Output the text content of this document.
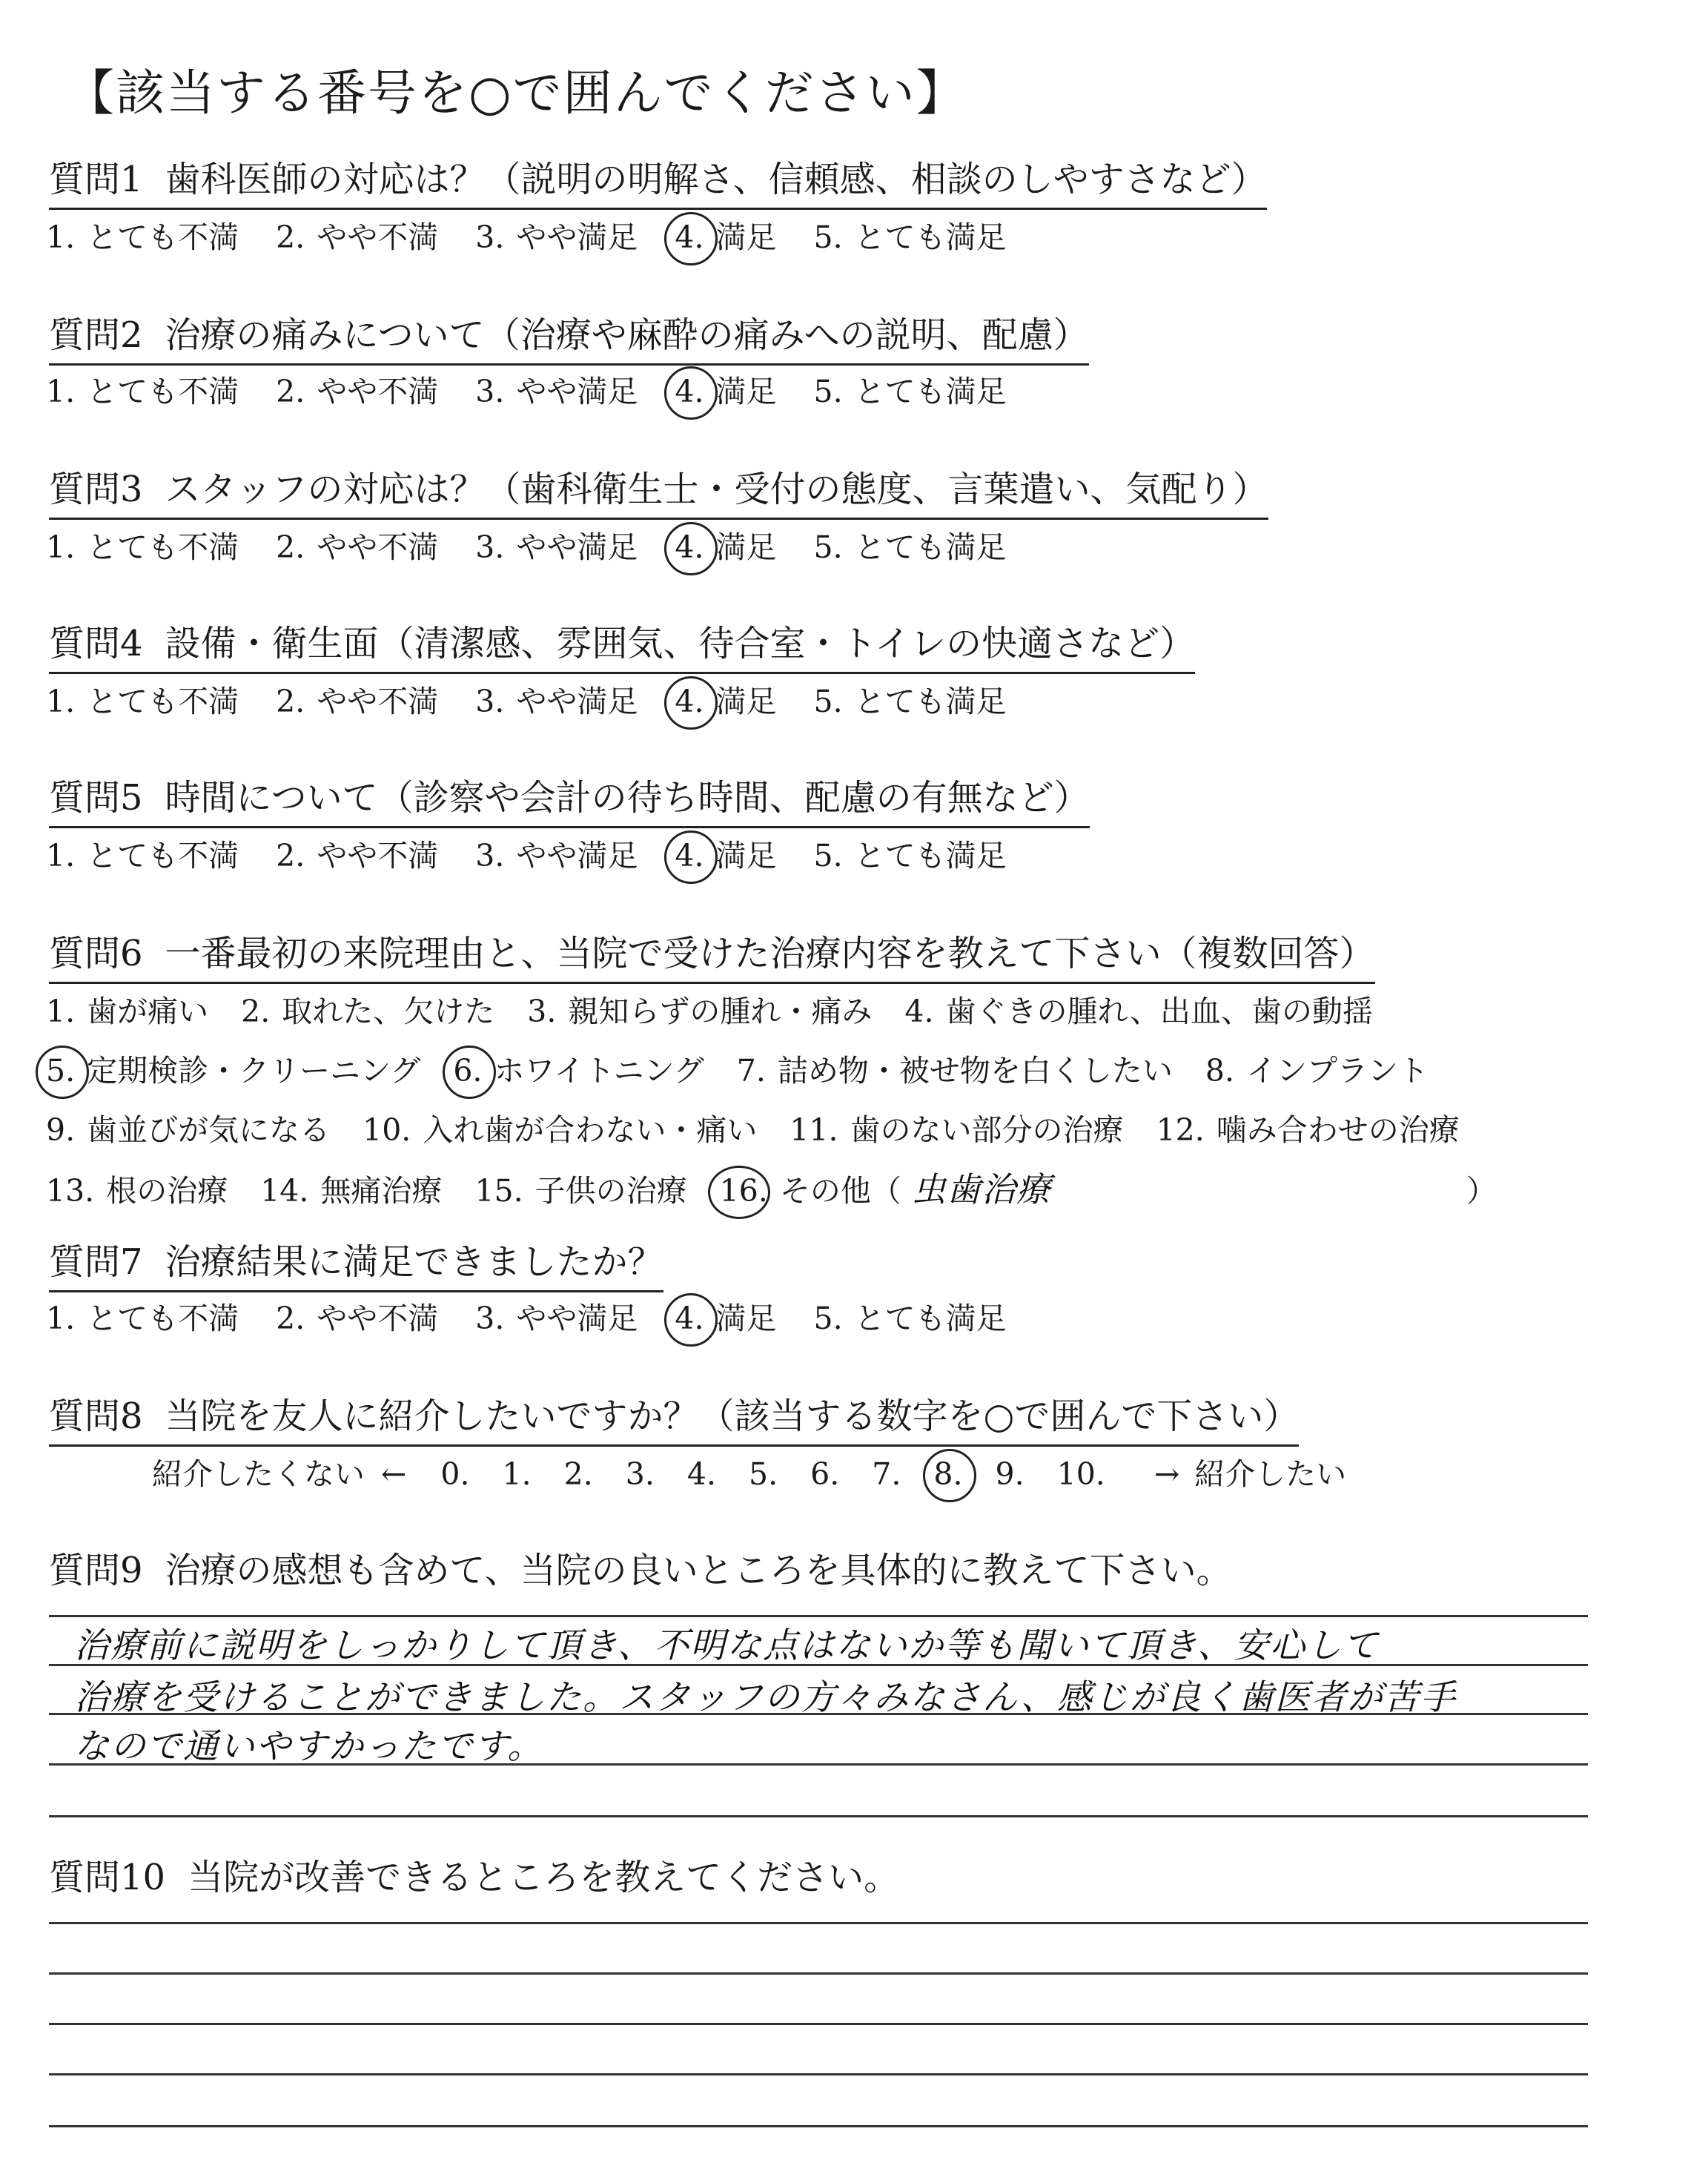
【該当する番号を○で囲んでください】
質問1 歯科医師の対応は？（説明の明解さ、信頼感、相談のしやすさなど）
1. とても不満 2. やや不満 3. やや満足 4. 満足 5. とても満足
質問2 治療の痛みについて（治療や麻酔の痛みへの説明、配慮）
1. とても不満 2. やや不満 3. やや満足 4. 満足 5. とても満足
質問3 スタッフの対応は？（歯科衛生士・受付の態度、言葉遣い、気配り）
1. とても不満 2. やや不満 3. やや満足 4. 満足 5. とても満足
質問4 設備・衛生面（清潔感、雰囲気、待合室・トイレの快適さなど）
1. とても不満 2. やや不満 3. やや満足 4. 満足 5. とても満足
質問5 時間について（診察や会計の待ち時間、配慮の有無など）
1. とても不満 2. やや不満 3. やや満足 4. 満足 5. とても満足
質問6 一番最初の来院理由と、当院で受けた治療内容を教えて下さい（複数回答）
1. 歯が痛い 2. 取れた、欠けた 3. 親知らずの腫れ・痛み 4. 歯ぐきの腫れ、出血、歯の動揺
5. 定期検診・クリーニング 6. ホワイトニング 7. 詰め物・被せ物を白くしたい 8. インプラント
9. 歯並びが気になる 10. 入れ歯が合わない・痛い 11. 歯のない部分の治療 12. 噛み合わせの治療
13. 根の治療 14. 無痛治療 15. 子供の治療 16. その他（ 虫歯治療	）
質問7 治療結果に満足できましたか？
1. とても不満 2. やや不満 3. やや満足 4. 満足 5. とても満足
質問8 当院を友人に紹介したいですか？（該当する数字を○で囲んで下さい）
紹介したくない ← 0. 1. 2. 3. 4. 5. 6. 7. 8. 9. 10. → 紹介したい
質問9 治療の感想も含めて、当院の良いところを具体的に教えて下さい。
治療前に説明をしっかりして頂き、不明な点はないか等も聞いて頂き、安心して
治療を受けることができました。スタッフの方々みなさん、感じが良く歯医者が苦手
なので通いやすかったです。
質問10 当院が改善できるところを教えてください。
